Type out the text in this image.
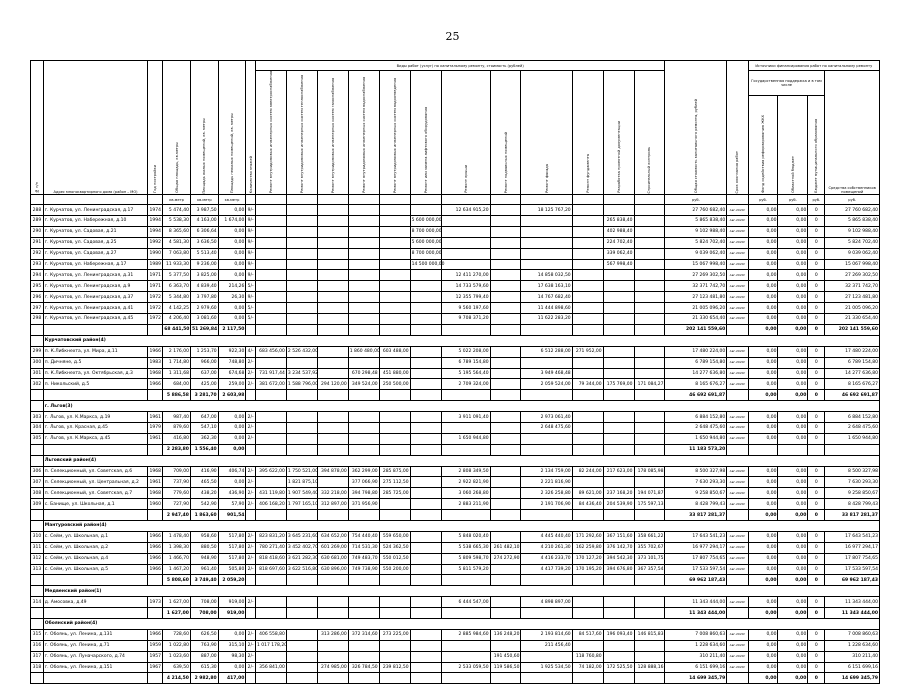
25
№ п/п	Адрес многоквартирного дома (район – МО)	Год постройки	Общая площадь, кв.метры	Площадь жилых помещений, кв. метры	Площадь нежилых помещений, кв. метры	Количество этажей	Виды работ (услуг) по капитальному ремонту, стоимость (рублей)												Общая стоимость капитального ремонта, рублей	Срок окончания работ	Источники финансирования работ по капитальному ремонту			
							Ремонт внутридомовых инженерных систем электроснабжения	Ремонт внутридомовых инженерных систем теплоснабжения	Ремонт внутридомовых инженерных систем газоснабжения	Ремонт внутридомовых инженерных систем водоснабжения	Ремонт внутридомовых инженерных систем водоотведения	Ремонт или замена лифтового оборудования	Ремонт крыши	Ремонт подвальных помещений	Ремонт фасада	Ремонт фундамента	Разработка проектной документации	Строительный контроль			Государственная поддержка и в том числе			Средства собственников помещений
																					Фонд содействия реформированию ЖКХ	Областной бюджет	Бюджет муниципального образования	
			кв.метр	кв.метр	кв.метр														руб.		руб.	руб.	руб.	руб.
288	г. Курчатов, ул. Ленинградская, д.17	1974	5 474,40	3 987,50	0,00	9/-							12 634 915,20		18 125 767,20				27 760 682,40	Авг.2020г	0,00	0,00	0	27 760 682,40
289	г. Курчатов, ул. Набережная, д.10	1994	5 538,30	4 163,00	1 674,00	9/-						5 600 000,00					265 838,40		5 865 838,40	Авг.2020г	0,00	0,00	0	5 865 838,40
290	г. Курчатов, ул. Садовая, д.21	1994	8 365,60	6 306,64	0,00	9/-						8 700 000,00					402 988,40		9 102 988,40	Авг.2020г	0,00	0,00	0	9 102 988,40
291	г. Курчатов, ул. Садовая, д.25	1992	4 581,30	3 636,50	0,00	9/-						5 600 000,00					224 702,40		5 824 702,40	Авг.2020г	0,00	0,00	0	5 824 702,40
292	г. Курчатов, ул. Садовая, д.27	1990	7 063,80	5 513,40	0,00	9/-						8 700 000,00					339 062,40		9 039 062,40	Авг.2020г	0,00	0,00	0	9 039 062,40
293	г. Курчатов, ул. Набережная, д.17	1989	11 933,30	9 236,00	0,00	9/-						14 500 000,00					567 998,40		15 067 998,40	Авг.2020г	0,00	0,00	0	15 067 998,40
294	г. Курчатов, ул. Ленинградская, д.31	1971	5 377,50	3 825,00	0,00	9/-							12 411 270,00		14 858 032,50				27 269 302,50	Авг.2020г	0,00	0,00	0	27 269 302,50
295	г. Курчатов, ул. Ленинградская, д.9	1971	6 363,70	4 839,40	214,26	5/-							14 733 579,60		17 638 163,10				32 371 742,70	Авг.2020г	0,00	0,00	0	32 371 742,70
296	г. Курчатов, ул. Ленинградская, д.37	1972	5 344,80	3 797,80	26,30	9/-							12 355 799,40		14 767 682,40				27 123 481,80	Авг.2020г	0,00	0,00	0	27 123 481,80
297	г. Курчатов, ул. Ленинградская, д.41	1972	4 142,25	2 979,60	0,00	5/-							9 560 197,60		11 444 898,60				21 005 096,20	Авг.2020г	0,00	0,00	0	21 005 096,20
298	г. Курчатов, ул. Ленинградская, д.45	1972	4 206,40	3 081,60	0,00	5/-							9 708 371,20		11 622 283,20				21 330 654,40	Авг.2020г	0,00	0,00	0	21 330 654,40
			68 441,50	51 269,84	2 117,50														202 141 559,60		0,00	0,00	0	202 141 559,60
	Курчатовский район(4)																							
299	п. К.Либкнехта, ул. Мира, д.11	1966	2 176,00	1 253,70	922,30	4/-	683 456,00	2 526 432,00		1 860 480,00	603 488,00		5 022 208,00		6 512 288,00	271 952,00			17 480 224,00	Авг.2020г	0,00	0,00	0	17 480 224,00
300	п. Дичняне, д.5	1983	1 714,80	966,00	748,80	2/-							6 789 154,80						6 789 154,80	Авг.2020г	0,00	0,00	0	6 789 154,80
301	п. К.Либкнехта, ул. Октябрьская, д.3	1968	1 311,68	637,00	674,68	2/-	731 917,44	3 234 537,92		670 298,48	451 880,00		5 195 564,40		3 949 468,48				14 277 636,80	Авг.2020г	0,00	0,00	0	14 277 636,80
302	п. Никольский, д.5	1966	684,00	425,00	259,00	2/-	381 672,00	1 588 796,00	294 120,00	349 524,00	250 500,00		2 709 324,00		2 059 524,00	79 344,00	175 769,00	171 084,27	8 165 676,27	Авг.2020г	0,00	0,00	0	8 165 676,27
			5 886,58	3 281,70	2 603,98														46 692 691,87		0,00	0,00	0	46 692 691,87
	г. Льгов(3)																							
303	г. Льгов, ул. К.Маркса, д.19	1961	987,40	647,00	0,00	2/-							3 911 091,40		2 973 061,40				6 884 152,80	Авг.2020г	0,00	0,00	0	6 884 152,80
304	г. Льгов, ул. Красная, д.45	1979	879,60	547,10	0,00	2/-									2 648 475,60				2 648 475,60	Авг.2020г	0,00	0,00	0	2 648 475,60
305	г. Льгов, ул. К.Маркса, д.45	1961	416,80	362,30	0,00	2/-							1 650 944,80						1 650 944,80	Авг.2020г	0,00	0,00	0	1 650 944,80
			2 283,80	1 556,40	0,00														11 183 573,20					
	Льговский район(4)																							
306	п. Селекционный, ул. Советская, д.6	1968	709,00	416,90	406,74	2/-	395 622,00	1 750 521,00	394 878,00	362 299,00	285 875,00		2 808 349,50		2 134 759,00	82 244,00	217 623,00	178 085,98	8 500 327,98	Авг.2020г	0,00	0,00	0	8 500 327,98
307	п. Селекционный, ул. Центральная, д.2	1961	737,90	465,50	0,00	2/-		1 821 875,10		377 066,90	275 112,50		2 922 821,90		2 221 816,90				7 630 293,30	Авг.2020г	0,00	0,00	0	7 630 293,30
308	п. Селекционный, ул. Советская, д.7	1968	779,60	438,20	436,90	2/-	431 119,80	1 907 549,40	332 218,00	394 798,80	285 725,00		3 060 268,80		2 326 258,80	89 621,00	237 168,20	194 071,87	9 258 850,67	Авг.2020г	0,00	0,00	0	9 258 850,67
309	с. Банище, ул. Школьная, д.1	1960	727,90	542,90	57,90	2/-	406 168,20	1 797 165,10	312 897,00	371 956,90			2 883 211,90		2 191 706,90	84 436,40	204 539,90	175 597,13	8 428 799,43	Авг.2020г	0,00	0,00	0	8 428 799,43
			2 947,40	1 863,60	901,54														33 817 281,37		0,00	0,00	0	33 817 281,37
	Мантуровский район(4)																							
310	с. Сейм, ул. Школьная, д.1	1966	1 478,40	958,60	517,80	2/-	823 831,20	3 645 231,60	634 652,00	754 440,40	559 650,00		5 848 020,40		4 445 440,40	171 292,60	367 151,60	358 661,22	17 643 541,23	Авг.2020г	0,00	0,00	0	17 643 541,23
311	с. Сейм, ул. Школьная, д.2	1966	1 398,30	880,50	517,80	2/-	780 271,40	3 452 402,70	601 269,00	714 531,30	524 362,50		5 538 665,30	261 482,10	4 210 261,30	162 259,80	376 142,70	355 702,67	16 977 294,17	Авг.2020г	0,00	0,00	0	16 977 294,17
312	с. Сейм, ул. Школьная, д.4	1966	1 466,70	948,90	517,80	2/-	818 418,60	3 621 282,30	630 681,00	749 483,70	550 012,50		5 809 598,70	274 272,90	4 416 233,70	170 127,20	394 542,30	373 101,75	17 807 754,65	Авг.2020г	0,00	0,00	0	17 807 754,65
313	с. Сейм, ул. Школьная, д.5	1966	1 467,20	961,40	505,80	2/-	818 697,60	3 622 516,80	630 896,00	749 738,90	550 200,00		5 811 579,20		4 417 739,20	170 195,20	394 676,80	367 357,54	17 533 597,54	Авг.2020г	0,00	0,00	0	17 533 597,54
			5 808,60	3 749,40	2 059,20														69 962 187,43		0,00	0,00	0	69 962 187,43
	Медвенский район(1)																							
314	д. Амосовка, д.49	1973	1 627,00	708,00	919,00	2/-							6 444 547,00		4 898 897,00				11 343 444,00	Авг.2020г	0,00	0,00	0	11 343 444,00
			1 627,00	708,00	919,00														11 343 444,00		0,00	0,00	0	11 343 444,00
	Обоянский район(4)																							
315	г. Обоянь, ул. Ленина, д.131	1966	728,60	626,50	0,00	2/-	406 558,80		313 286,00	372 314,60	273 225,00		2 885 984,60	136 248,20	2 193 814,60	84 517,60	196 093,40	146 815,83	7 008 860,63	Авг.2020г	0,00	0,00	0	7 008 860,63
316	г. Обоянь, ул. Ленина, д.71	1959	1 022,80	763,90	315,10	2/-	1 017 178,20								211 456,40				1 228 634,60	Авг.2020г	0,00	0,00	0	1 228 634,60
317	г. Обоянь, ул. Луначарского, д.74	1957	1 023,60	887,00	98,30	2/-								191 450,60		118 760,80			310 211,40	Авг.2020г	0,00	0,00	0	310 211,40
318	г. Обоянь, ул. Ленина, д.151	1967	639,50	615,30	0,00	2/-	356 841,00		274 985,00	326 784,50	239 812,50		2 533 059,50	119 586,50	1 925 534,50	74 182,00	172 525,50	128 888,16	6 151 699,16	Авг.2020г	0,00	0,00	0	6 151 699,16
			4 214,50	2 982,80	417,00														14 699 345,79		0,00	0,00	0	14 699 345,79
